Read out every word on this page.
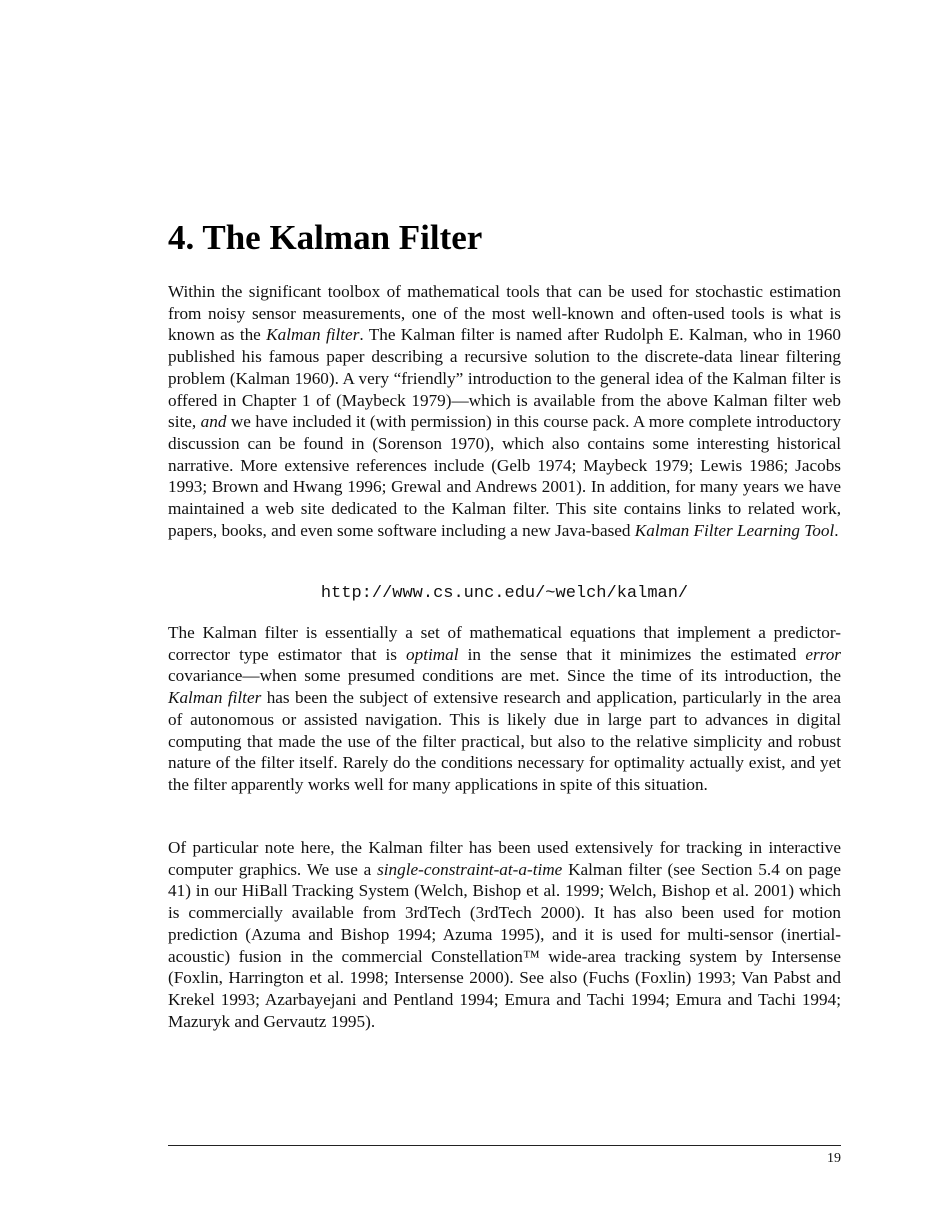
4. The Kalman Filter

Within the significant toolbox of mathematical tools that can be used for stochastic estimation from noisy sensor measurements, one of the most well-known and often-used tools is what is known as the Kalman filter. The Kalman filter is named after Rudolph E. Kalman, who in 1960 published his famous paper describing a recursive solution to the discrete-data linear filtering problem (Kalman 1960). A very “friendly” introduction to the general idea of the Kalman filter is offered in Chapter 1 of (Maybeck 1979)—which is available from the above Kalman filter web site, and we have included it (with permission) in this course pack. A more complete introductory discussion can be found in (Sorenson 1970), which also contains some interesting historical narrative. More extensive references include (Gelb 1974; Maybeck 1979; Lewis 1986; Jacobs 1993; Brown and Hwang 1996; Grewal and Andrews 2001). In addition, for many years we have maintained a web site dedicated to the Kalman filter. This site contains links to related work, papers, books, and even some software including a new Java-based Kalman Filter Learning Tool.

http://www.cs.unc.edu/~welch/kalman/

The Kalman filter is essentially a set of mathematical equations that implement a predictor-corrector type estimator that is optimal in the sense that it minimizes the estimated error covariance—when some presumed conditions are met. Since the time of its introduction, the Kalman filter has been the subject of extensive research and application, particularly in the area of autonomous or assisted navigation. This is likely due in large part to advances in digital computing that made the use of the filter practical, but also to the relative simplicity and robust nature of the filter itself. Rarely do the conditions necessary for optimality actually exist, and yet the filter apparently works well for many applications in spite of this situation.

Of particular note here, the Kalman filter has been used extensively for tracking in interactive computer graphics. We use a single-constraint-at-a-time Kalman filter (see Section 5.4 on page 41) in our HiBall Tracking System (Welch, Bishop et al. 1999; Welch, Bishop et al. 2001) which is commercially available from 3rdTech (3rdTech 2000). It has also been used for motion prediction (Azuma and Bishop 1994; Azuma 1995), and it is used for multi-sensor (inertial-acoustic) fusion in the commercial Constellation™ wide-area tracking system by Intersense (Foxlin, Harrington et al. 1998; Intersense 2000). See also (Fuchs (Foxlin) 1993; Van Pabst and Krekel 1993; Azarbayejani and Pentland 1994; Emura and Tachi 1994; Emura and Tachi 1994; Mazuryk and Gervautz 1995).

19
